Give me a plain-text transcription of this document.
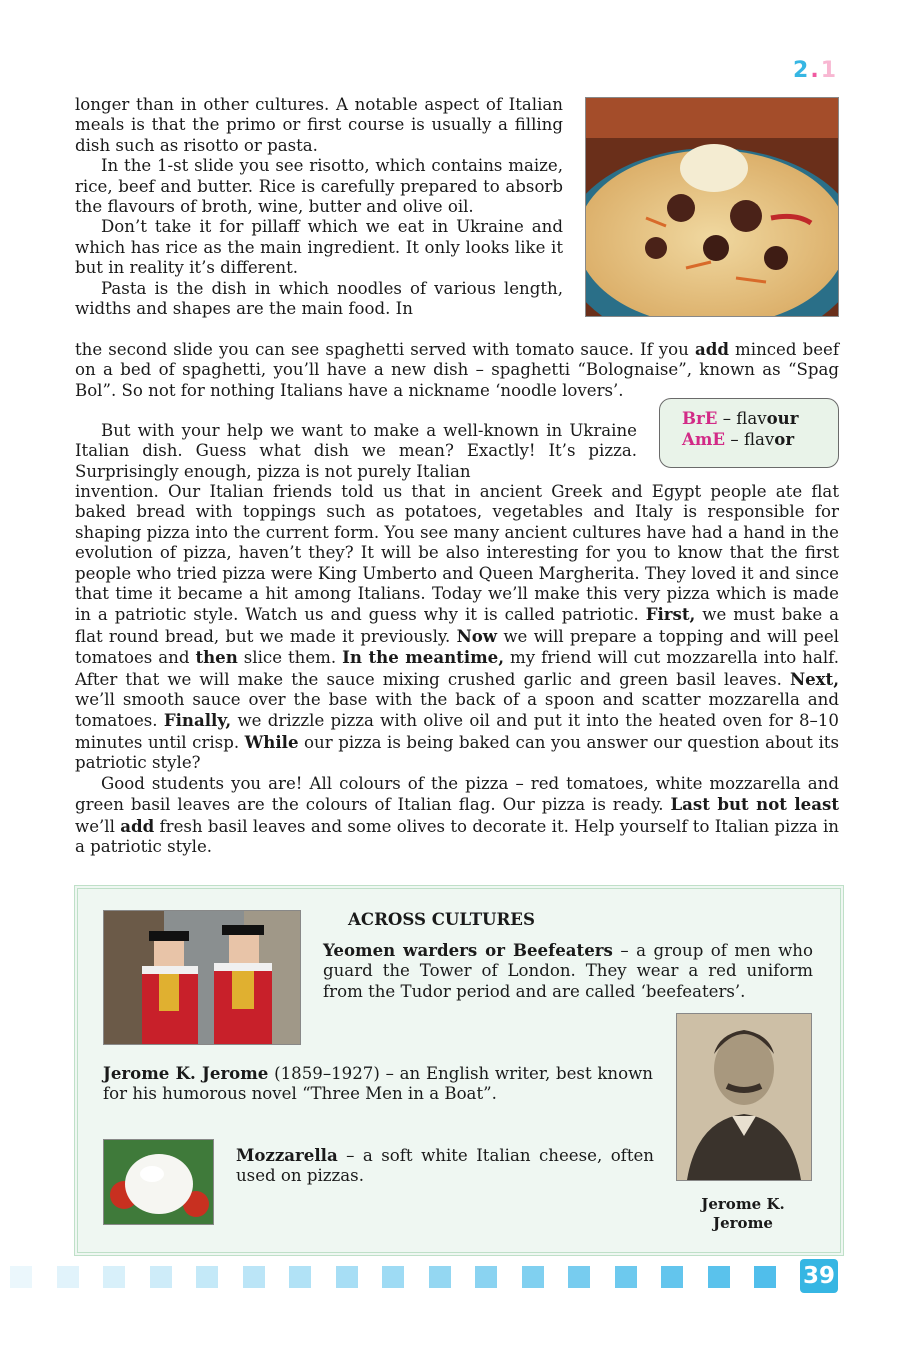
2.1

longer than in other cultures. A notable aspect of Italian meals is that the primo or first course is usually a filling dish such as risotto or pasta.

In the 1-st slide you see risotto, which contains maize, rice, beef and butter. Rice is carefully prepared to absorb the flavours of broth, wine, butter and olive oil.

Don’t take it for pillaff which we eat in Ukraine and which has rice as the main ingredient. It only looks like it but in reality it’s different.

Pasta is the dish in which noodles of various length, widths and shapes are the main food. In

the second slide you can see spaghetti served with tomato sauce. If you add minced beef on a bed of spaghetti, you’ll have a new dish – spaghetti “Bolognaise”, known as “Spag Bol”. So not for nothing Italians have a nickname ‘noodle lovers’.

BrE – flavour
AmE – flavor

But with your help we want to make a well-known in Ukraine Italian dish. Guess what dish we mean? Exactly! It’s pizza. Surprisingly enough, pizza is not purely Italian

invention. Our Italian friends told us that in ancient Greek and Egypt people ate flat baked bread with toppings such as potatoes, vegetables and Italy is responsible for shaping pizza into the current form. You see many ancient cultures have had a hand in the evolution of pizza, haven’t they? It will be also interesting for you to know that the first people who tried pizza were King Umberto and Queen Margherita. They loved it and since that time it became a hit among Italians. Today we’ll make this very pizza which is made in a patriotic style. Watch us and guess why it is called patriotic. First, we must bake a flat round bread, but we made it previously. Now we will prepare a topping and will peel tomatoes and then slice them. In the meantime, my friend will cut mozzarella into half. After that we will make the sauce mixing crushed garlic and green basil leaves. Next, we’ll smooth sauce over the base with the back of a spoon and scatter mozzarella and tomatoes. Finally, we drizzle pizza with olive oil and put it into the heated oven for 8–10 minutes until crisp. While our pizza is being baked can you answer our question about its patriotic style?

Good students you are! All colours of the pizza – red tomatoes, white mozzarella and green basil leaves are the colours of Italian flag. Our pizza is ready. Last but not least we’ll add fresh basil leaves and some olives to decorate it. Help yourself to Italian pizza in a patriotic style.

ACROSS CULTURES

Yeomen warders or Beefeaters – a group of men who guard the Tower of London. They wear a red uniform from the Tudor period and are called ‘beefeaters’.

Jerome K. Jerome (1859–1927) – an English writer, best known for his humorous novel “Three Men in a Boat”.

Mozzarella – a soft white Italian cheese, often used on pizzas.

Jerome K.
Jerome
39
